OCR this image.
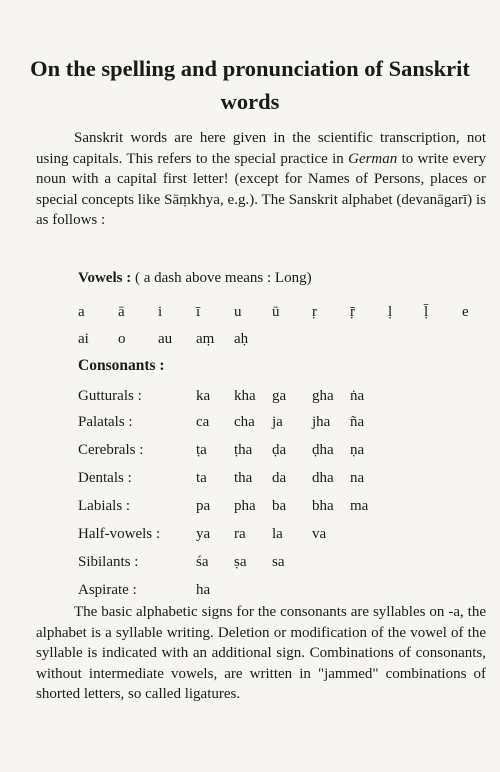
On the spelling and pronunciation of Sanskrit words
Sanskrit words are here given in the scientific transcription, not using capitals. This refers to the special practice in German to write every noun with a capital first letter! (except for Names of Persons, places or special concepts like Sāṃkhya, e.g.). The Sanskrit alphabet (devanāgarī) is as follows :
Vowels : ( a dash above means : Long)
a ā i ī u ū ṛ ṝ ḷ ḹ e
ai o au aṃ aḥ
Consonants :
Gutturals :	ka kha ga gha ṅa
Palatals :	ca cha ja jha ña
Cerebrals :	ṭa ṭha ḍa ḍha ṇa
Dentals :	ta tha da dha na
Labials :	pa pha ba bha ma
Half-vowels : ya ra la va
Sibilants :	śa ṣa sa
Aspirate :	ha
The basic alphabetic signs for the consonants are syllables on -a, the alphabet is a syllable writing. Deletion or modification of the vowel of the syllable is indicated with an additional sign. Combinations of consonants, without intermediate vowels, are written in "jammed" combinations of shorted letters, so called ligatures.
